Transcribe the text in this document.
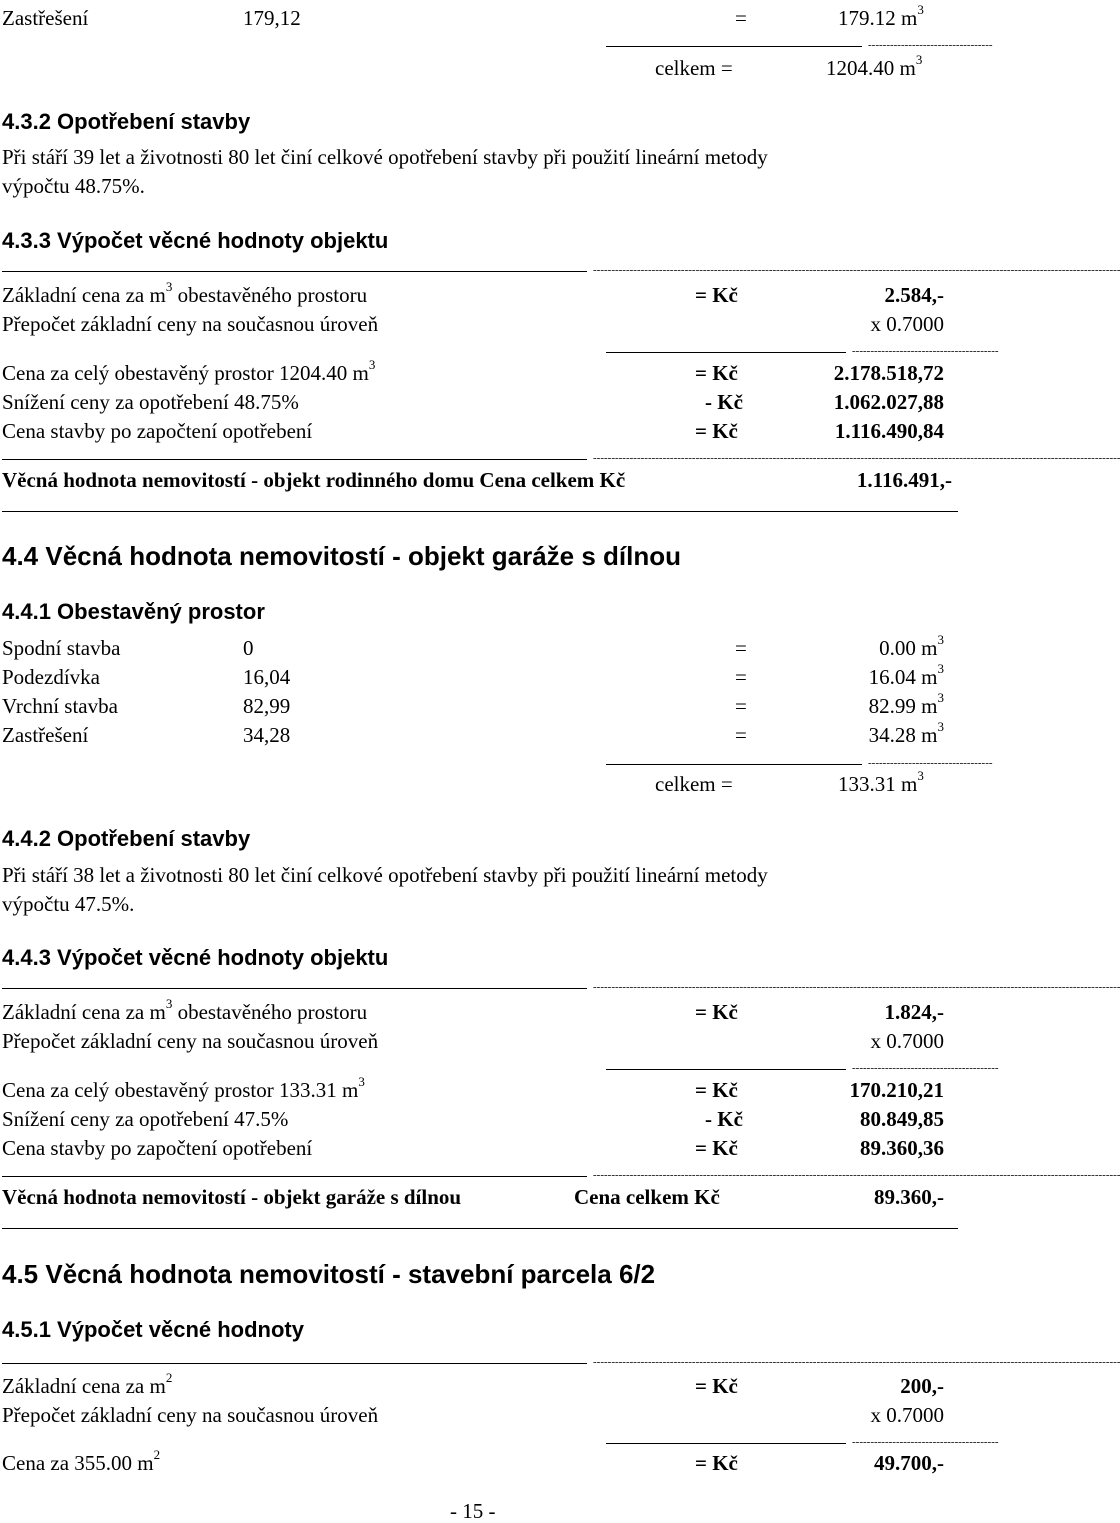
Zastřešení	179,12	=	179.12 $m^3$
----------------------------------
celkem =	1204.40 $m^3$
4.3.2 Opotřebení stavby
Při stáří 39 let a životnosti 80 let činí celkové opotřebení stavby při použití lineární metody
výpočtu 48.75%.
4.3.3 Výpočet věcné hodnoty objektu
------------------------------------------------------------------------------------------------------------------------------------------------
Základní cena za $m^3$ obestavěného prostoru	= Kč	2.584,-
Přepočet základní ceny na současnou úroveň	x 0.7000
----------------------------------------
Cena za celý obestavěný prostor 1204.40 $m^3$	= Kč	2.178.518,72
Snížení ceny za opotřebení 48.75%	- Kč	1.062.027,88
Cena stavby po započtení opotřebení	= Kč	1.116.490,84
------------------------------------------------------------------------------------------------------------------------------------------------
Věcná hodnota nemovitostí - objekt rodinného domu Cena celkem Kč	1.116.491,-
4.4 Věcná hodnota nemovitostí - objekt garáže s dílnou
4.4.1 Obestavěný prostor
Spodní stavba	0	=	0.00 $m^3$
Podezdívka	16,04	=	16.04 $m^3$
Vrchní stavba	82,99	=	82.99 $m^3$
Zastřešení	34,28	=	34.28 $m^3$
----------------------------------
celkem =	133.31 $m^3$
4.4.2 Opotřebení stavby
Při stáří 38 let a životnosti 80 let činí celkové opotřebení stavby při použití lineární metody
výpočtu 47.5%.
4.4.3 Výpočet věcné hodnoty objektu
------------------------------------------------------------------------------------------------------------------------------------------------
Základní cena za $m^3$ obestavěného prostoru	= Kč	1.824,-
Přepočet základní ceny na současnou úroveň	x 0.7000
----------------------------------------
Cena za celý obestavěný prostor 133.31 $m^3$	= Kč	170.210,21
Snížení ceny za opotřebení 47.5%	- Kč	80.849,85
Cena stavby po započtení opotřebení	= Kč	89.360,36
------------------------------------------------------------------------------------------------------------------------------------------------
Věcná hodnota nemovitostí - objekt garáže s dílnou	Cena celkem Kč	89.360,-
4.5 Věcná hodnota nemovitostí - stavební parcela 6/2
4.5.1 Výpočet věcné hodnoty
------------------------------------------------------------------------------------------------------------------------------------------------
Základní cena za $m^2$	= Kč	200,-
Přepočet základní ceny na současnou úroveň	x 0.7000
----------------------------------------
Cena za 355.00 $m^2$	= Kč	49.700,-
- 15 -
